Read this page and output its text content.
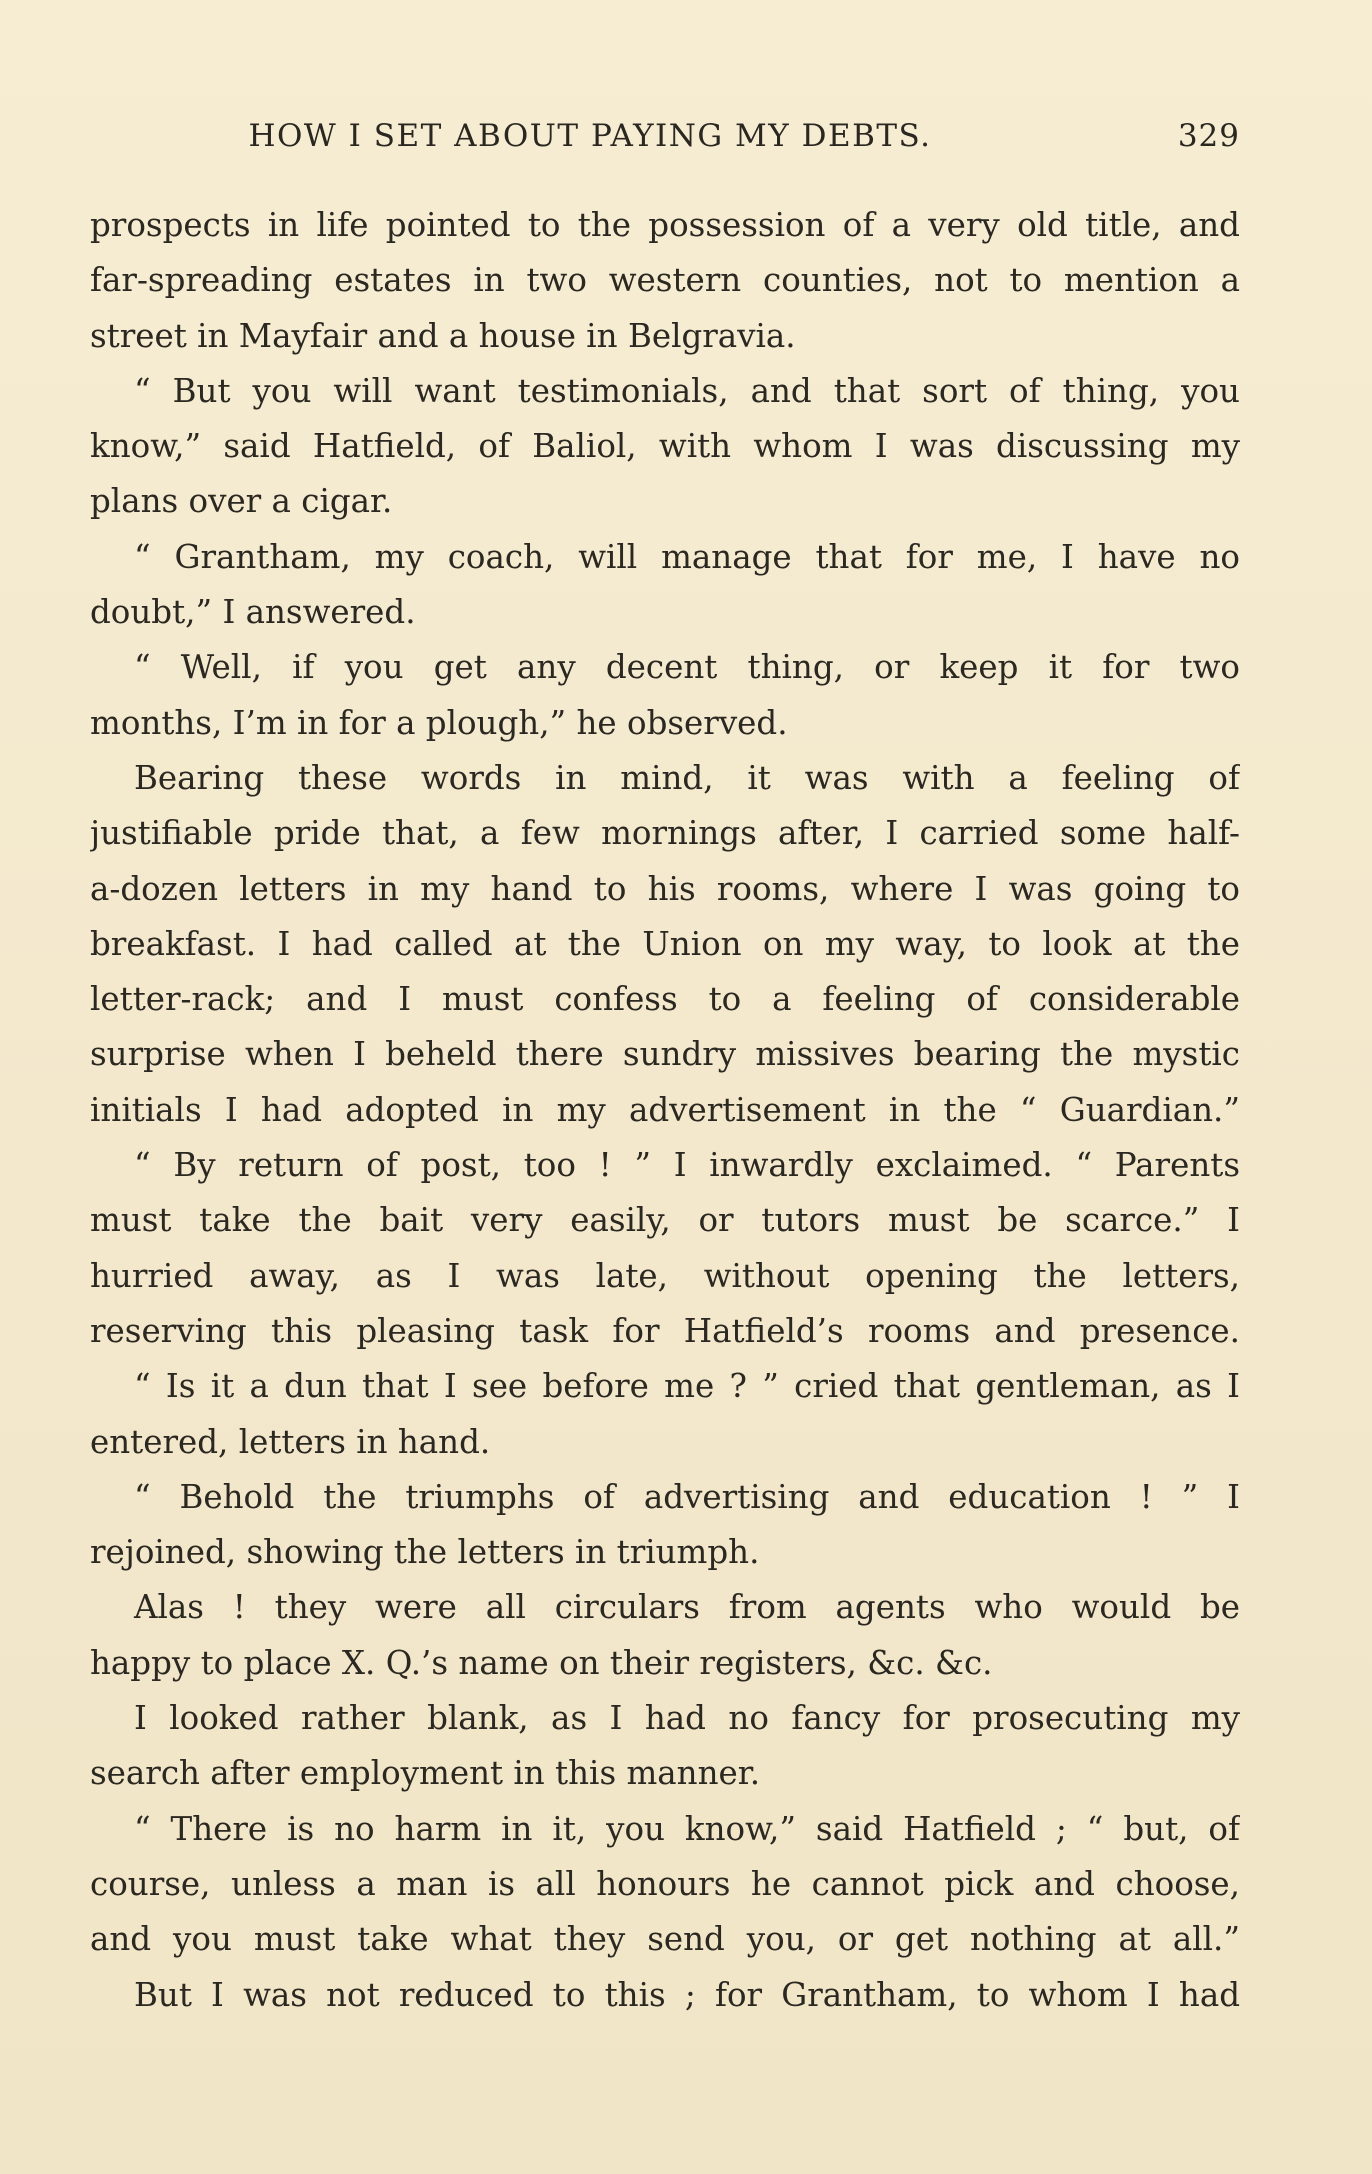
HOW I SET ABOUT PAYING MY DEBTS.	329
prospects in life pointed to the possession of a very old title, and
far-spreading estates in two western counties, not to mention a
street in Mayfair and a house in Belgravia.
“ But you will want testimonials, and that sort of thing, you
know,” said Hatfield, of Baliol, with whom I was discussing my
plans over a cigar.
“ Grantham, my coach, will manage that for me, I have no
doubt,” I answered.
“ Well, if you get any decent thing, or keep it for two
months, I’m in for a plough,” he observed.
Bearing these words in mind, it was with a feeling of
justifiable pride that, a few mornings after, I carried some half-
a-dozen letters in my hand to his rooms, where I was going to
breakfast. I had called at the Union on my way, to look at the
letter-rack; and I must confess to a feeling of considerable
surprise when I beheld there sundry missives bearing the mystic
initials I had adopted in my advertisement in the “ Guardian.”
“ By return of post, too ! ” I inwardly exclaimed. “ Parents
must take the bait very easily, or tutors must be scarce.” I
hurried away, as I was late, without opening the letters,
reserving this pleasing task for Hatfield’s rooms and presence.
“ Is it a dun that I see before me ? ” cried that gentleman, as I
entered, letters in hand.
“ Behold the triumphs of advertising and education ! ” I
rejoined, showing the letters in triumph.
Alas ! they were all circulars from agents who would be
happy to place X. Q.’s name on their registers, &c. &c.
I looked rather blank, as I had no fancy for prosecuting my
search after employment in this manner.
“ There is no harm in it, you know,” said Hatfield ; “ but, of
course, unless a man is all honours he cannot pick and choose,
and you must take what they send you, or get nothing at all.”
But I was not reduced to this ; for Grantham, to whom I had
